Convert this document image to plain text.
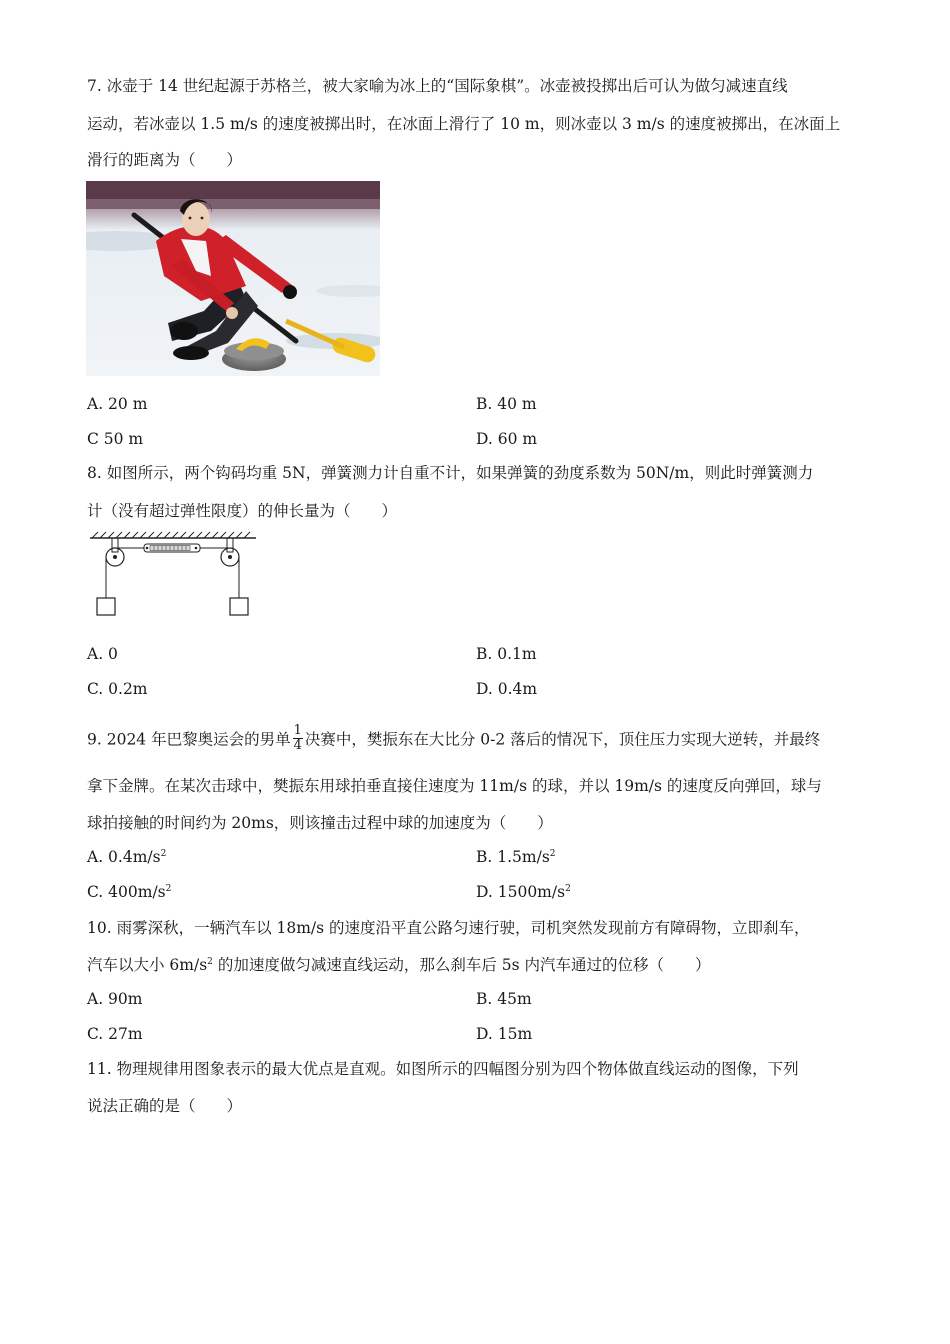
7. 冰壶于 14 世纪起源于苏格兰，被大家喻为冰上的“国际象棋”。冰壶被投掷出后可认为做匀减速直线
运动，若冰壶以 1.5 m/s 的速度被掷出时，在冰面上滑行了 10 m，则冰壶以 3 m/s 的速度被掷出，在冰面上
滑行的距离为（　　）
A. 20 m	B. 40 m
C 50 m	D. 60 m
8. 如图所示，两个钩码均重 5N，弹簧测力计自重不计，如果弹簧的劲度系数为 50N/m，则此时弹簧测力
计（没有超过弹性限度）的伸长量为（　　）
A. 0	B. 0.1m
C. 0.2m	D. 0.4m
9. 2024 年巴黎奥运会的男单 $\frac{1}{4}$ 决赛中，樊振东在大比分 0-2 落后的情况下，顶住压力实现大逆转，并最终
拿下金牌。在某次击球中，樊振东用球拍垂直接住速度为 11m/s 的球，并以 19m/s 的速度反向弹回，球与
球拍接触的时间约为 20ms，则该撞击过程中球的加速度为（　　）
A. $0.4m/s^2$	B. $1.5m/s^2$
C. $400m/s^2$	D. $1500m/s^2$
10. 雨雾深秋，一辆汽车以 18m/s 的速度沿平直公路匀速行驶，司机突然发现前方有障碍物，立即刹车，
汽车以大小 $6m/s^2$ 的加速度做匀减速直线运动，那么刹车后 5s 内汽车通过的位移（　　）
A. 90m	B. 45m
C. 27m	D. 15m
11. 物理规律用图象表示的最大优点是直观。如图所示的四幅图分别为四个物体做直线运动的图像，下列
说法正确的是（　　）
